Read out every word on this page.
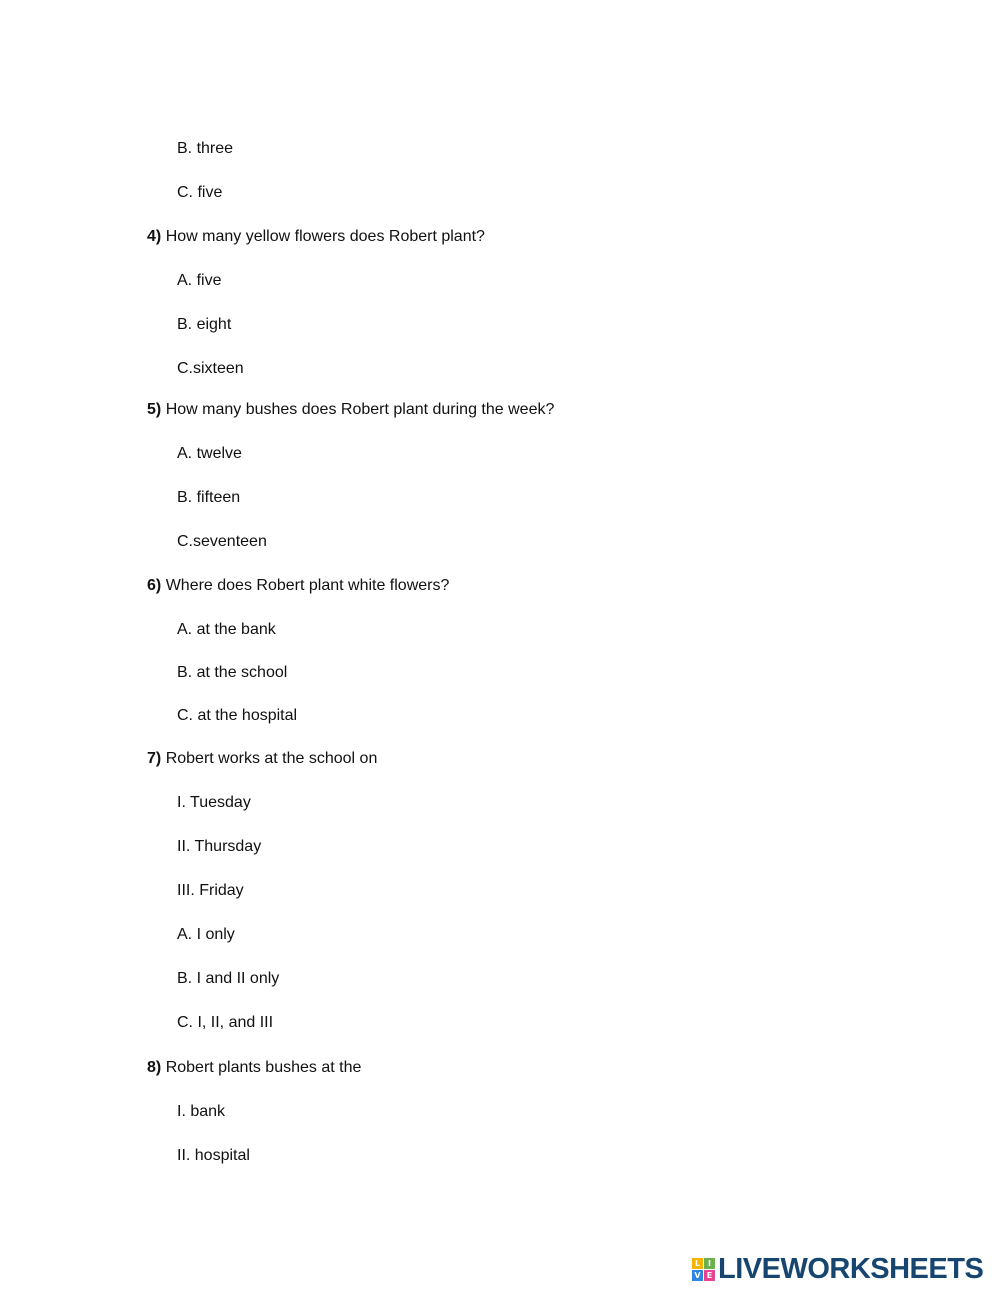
B. three
C. five
4) How many yellow flowers does Robert plant?
A. five
B. eight
C.sixteen
5) How many bushes does Robert plant during the week?
A. twelve
B. fifteen
C.seventeen
6) Where does Robert plant white flowers?
A. at the bank
B. at the school
C. at the hospital
7) Robert works at the school on
I. Tuesday
II. Thursday
III. Friday
A. I only
B. I and II only
C. I, II, and III
8) Robert plants bushes at the
I. bank
II. hospital
L I
V E LIVEWORKSHEETS
